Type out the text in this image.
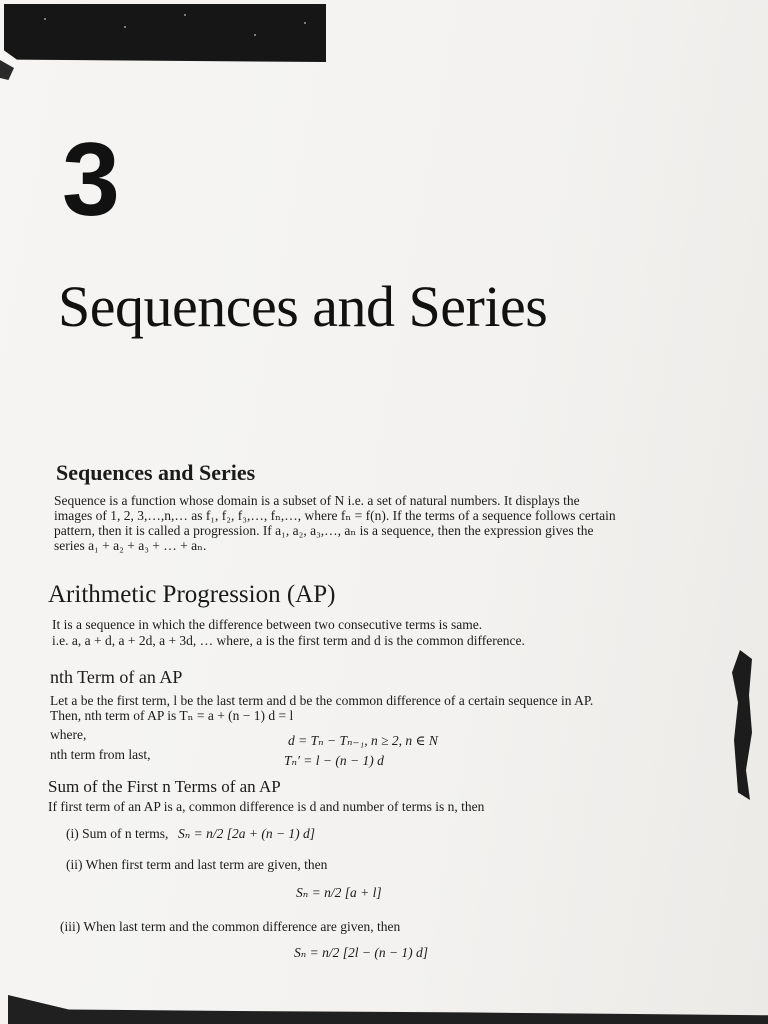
3
Sequences and Series
Sequences and Series

Sequence is a function whose domain is a subset of N i.e. a set of natural numbers. It displays the

images of 1, 2, 3,…,n,… as f₁, f₂, f₃,…, fₙ,…, where fₙ = f(n). If the terms of a sequence follows certain

pattern, then it is called a progression. If a₁, a₂, a₃,…, aₙ is a sequence, then the expression gives the

series a₁ + a₂ + a₃ + … + aₙ.

Arithmetic Progression (AP)

It is a sequence in which the difference between two consecutive terms is same.

i.e. a, a + d, a + 2d, a + 3d, … where, a is the first term and d is the common difference.

nth Term of an AP

Let a be the first term, l be the last term and d be the common difference of a certain sequence in AP.

Then, nth term of AP is Tₙ = a + (n − 1) d = l

where,	d = Tₙ − Tₙ₋₁, n ≥ 2, n ∈ N

nth term from last,	Tₙ′ = l − (n − 1) d

Sum of the First n Terms of an AP

If first term of an AP is a, common difference is d and number of terms is n, then

(i) Sum of n terms, Sₙ = n/2 [2a + (n − 1) d]

(ii) When first term and last term are given, then

Sₙ = n/2 [a + l]

(iii) When last term and the common difference are given, then

Sₙ = n/2 [2l − (n − 1) d]
